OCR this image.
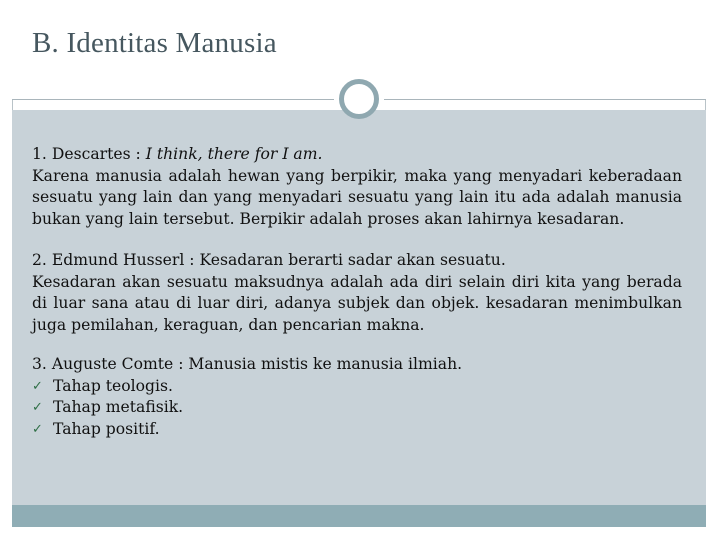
B. Identitas Manusia

1. Descartes : I think, there for I am.

Karena manusia adalah hewan yang berpikir, maka yang menyadari keberadaan sesuatu yang lain dan yang menyadari sesuatu yang lain itu ada adalah manusia bukan yang lain tersebut. Berpikir adalah proses akan lahirnya kesadaran.

2. Edmund Husserl : Kesadaran berarti sadar akan sesuatu.

Kesadaran akan sesuatu maksudnya adalah ada diri selain diri kita yang berada di luar sana atau di luar diri, adanya subjek dan objek. kesadaran menimbulkan juga pemilahan, keraguan, dan pencarian makna.

3. Auguste Comte : Manusia mistis ke manusia ilmiah.

✓ Tahap teologis.
✓ Tahap metafisik.
✓ Tahap positif.
